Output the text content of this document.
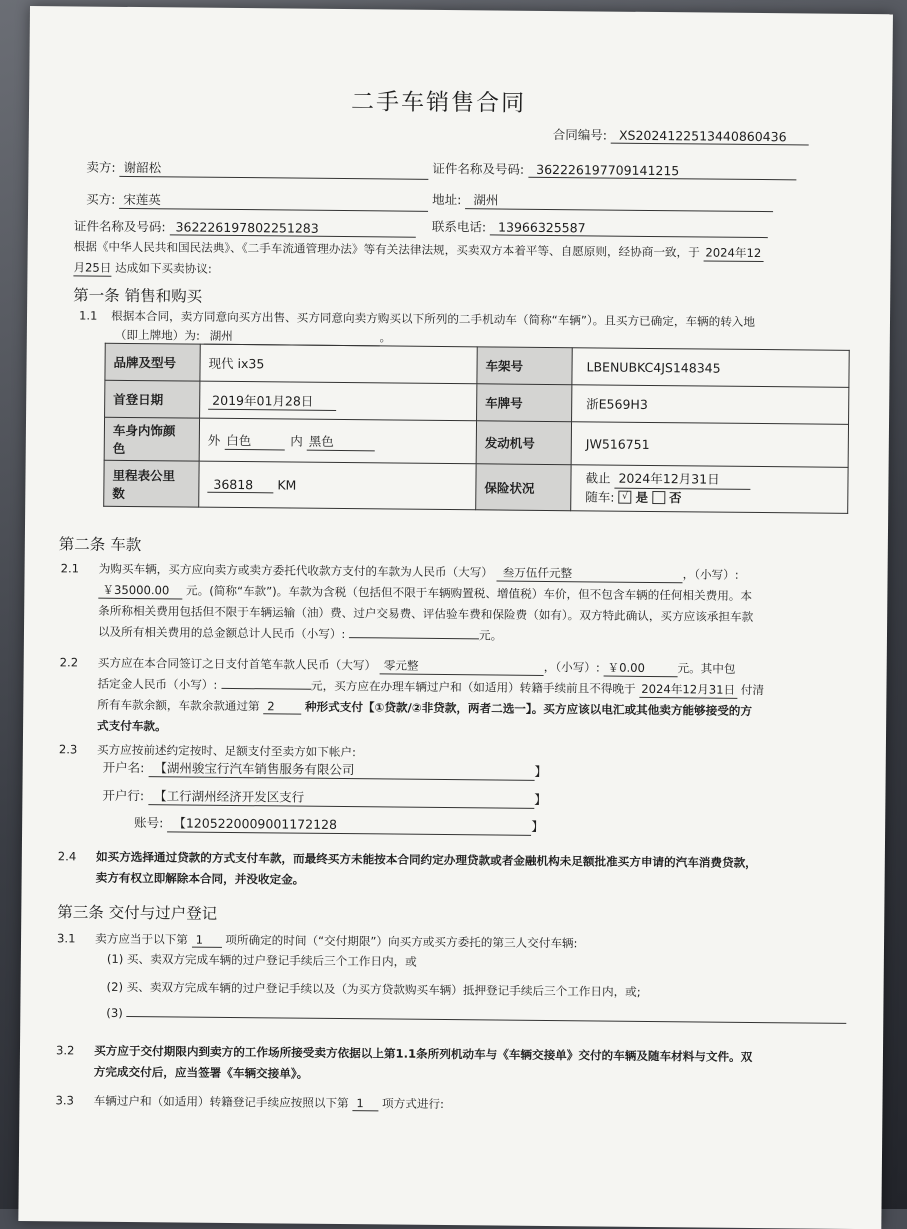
二手车销售合同
合同编号: XS2024122513440860436
卖方: 谢韶松	证件名称及号码: 362226197709141215
买方: 宋莲英	地址: 湖州
证件名称及号码: 362226197802251283	联系电话: 13966325587
根据《中华人民共和国民法典》、《二手车流通管理办法》等有关法律法规，买卖双方本着平等、自愿原则，经协商一致，于 2024年12
月25日 达成如下买卖协议:
第一条 销售和购买
1.1 根据本合同，卖方同意向买方出售、买方同意向卖方购买以下所列的二手机动车（简称“车辆”）。且买方已确定，车辆的转入地
（即上牌地）为: 湖州	。
品牌及型号	现代 ix35	车架号	LBENUBKC4JS148345
首登日期	2019年01月28日	车牌号	浙E569H3
车身内饰颜
色	外 白色 内 黑色	发动机号	JW516751
里程表公里
数	36818 KM	保险状况	截止 2024年12月31日
随车: √ 是 否
第二条 车款
2.1 为购买车辆，买方应向卖方或卖方委托代收款方支付的车款为人民币（大写） 叁万伍仟元整	，（小写）:
￥35000.00 元。(简称“车款”)。车款为含税（包括但不限于车辆购置税、增值税）车价，但不包含车辆的任何相关费用。本
条所称相关费用包括但不限于车辆运输（油）费、过户交易费、评估验车费和保险费（如有）。双方特此确认，买方应该承担车款
以及所有相关费用的总金额总计人民币（小写）:	元。
2.2 买方应在本合同签订之日支付首笔车款人民币（大写） 零元整	，（小写）: ￥0.00	元。其中包
括定金人民币（小写）:	元，买方应在办理车辆过户和（如适用）转籍手续前且不得晚于 2024年12月31日 付清
所有车款余额，车款余款通过第 2	种形式支付【①贷款/②非贷款，两者二选一】。买方应该以电汇或其他卖方能够接受的方
式支付车款。
2.3 买方应按前述约定按时、足额支付至卖方如下帐户:
开户名: 【湖州骏宝行汽车销售服务有限公司	】
开户行: 【工行湖州经济开发区支行	】
账号: 【1205220009001172128	】
2.4 如买方选择通过贷款的方式支付车款，而最终买方未能按本合同约定办理贷款或者金融机构未足额批准买方申请的汽车消费贷款，
卖方有权立即解除本合同，并没收定金。
第三条 交付与过户登记
3.1 卖方应当于以下第 1 项所确定的时间（“交付期限”）向买方或买方委托的第三人交付车辆:
(1) 买、卖双方完成车辆的过户登记手续后三个工作日内，或
(2) 买、卖双方完成车辆的过户登记手续以及（为买方贷款购买车辆）抵押登记手续后三个工作日内，或;
(3)
3.2 买方应于交付期限内到卖方的工作场所接受卖方依据以上第1.1条所列机动车与《车辆交接单》交付的车辆及随车材料与文件。双
方完成交付后，应当签署《车辆交接单》。
3.3 车辆过户和（如适用）转籍登记手续应按照以下第 1 项方式进行:
